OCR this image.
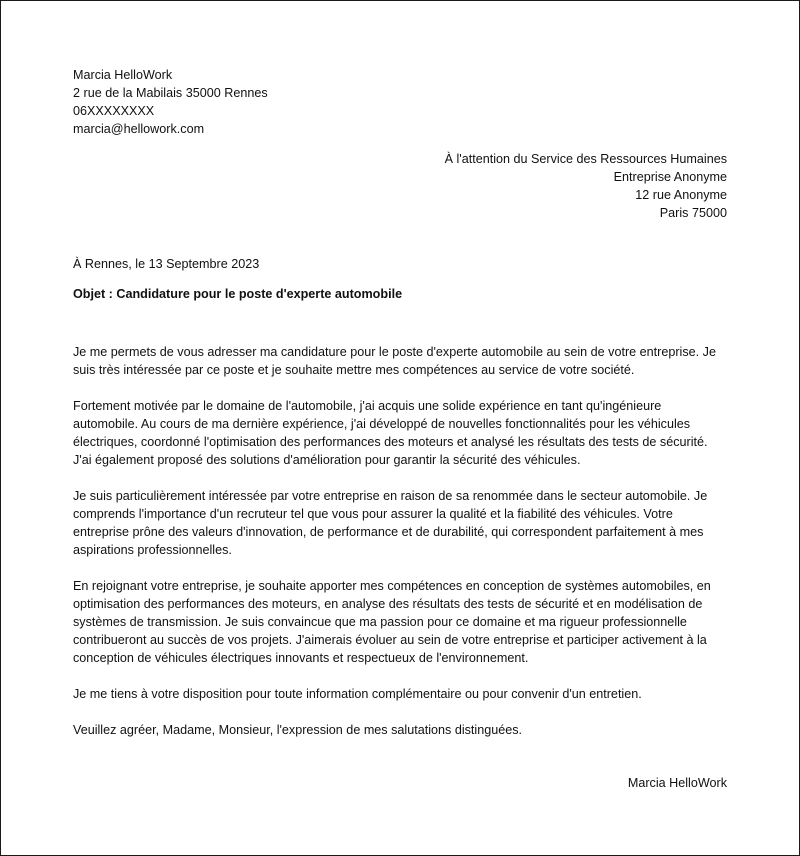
Marcia HelloWork
2 rue de la Mabilais 35000 Rennes
06XXXXXXXX
marcia@hellowork.com
À l'attention du Service des Ressources Humaines
Entreprise Anonyme
12 rue Anonyme
Paris 75000
À Rennes, le 13 Septembre 2023
Objet : Candidature pour le poste d'experte automobile
Je me permets de vous adresser ma candidature pour le poste d'experte automobile au sein de votre entreprise. Je
suis très intéressée par ce poste et je souhaite mettre mes compétences au service de votre société.
Fortement motivée par le domaine de l'automobile, j'ai acquis une solide expérience en tant qu'ingénieure
automobile. Au cours de ma dernière expérience, j'ai développé de nouvelles fonctionnalités pour les véhicules
électriques, coordonné l'optimisation des performances des moteurs et analysé les résultats des tests de sécurité.
J'ai également proposé des solutions d'amélioration pour garantir la sécurité des véhicules.
Je suis particulièrement intéressée par votre entreprise en raison de sa renommée dans le secteur automobile. Je
comprends l'importance d'un recruteur tel que vous pour assurer la qualité et la fiabilité des véhicules. Votre
entreprise prône des valeurs d'innovation, de performance et de durabilité, qui correspondent parfaitement à mes
aspirations professionnelles.
En rejoignant votre entreprise, je souhaite apporter mes compétences en conception de systèmes automobiles, en
optimisation des performances des moteurs, en analyse des résultats des tests de sécurité et en modélisation de
systèmes de transmission. Je suis convaincue que ma passion pour ce domaine et ma rigueur professionnelle
contribueront au succès de vos projets. J'aimerais évoluer au sein de votre entreprise et participer activement à la
conception de véhicules électriques innovants et respectueux de l'environnement.
Je me tiens à votre disposition pour toute information complémentaire ou pour convenir d'un entretien.
Veuillez agréer, Madame, Monsieur, l'expression de mes salutations distinguées.
Marcia HelloWork
